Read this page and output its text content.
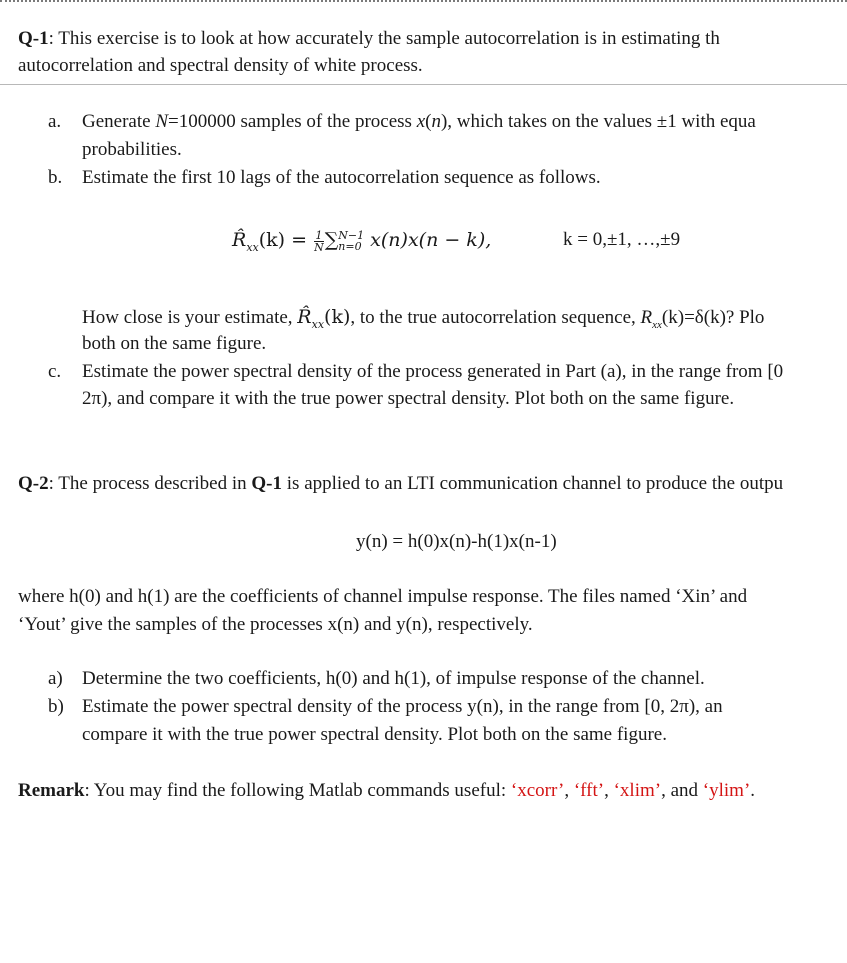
Q-1: This exercise is to look at how accurately the sample autocorrelation is in estimating th
autocorrelation and spectral density of white process.
a. Generate N=100000 samples of the process x(n), which takes on the values ±1 with equa
probabilities.
b. Estimate the first 10 lags of the autocorrelation sequence as follows.
$R̂_{xx}(k) = \frac{1}{N}$ ∑ N−1
n=0 x(n)x(n − k),	k = 0,±1, …,±9
How close is your estimate, $R̂_{xx}(k)$, to the true autocorrelation sequence, $R_{xx}(k)=\delta(k)$? Plo
both on the same figure.
c. Estimate the power spectral density of the process generated in Part (a), in the range from [0
2π), and compare it with the true power spectral density. Plot both on the same figure.
Q-2: The process described in Q-1 is applied to an LTI communication channel to produce the outpu
y(n) = h(0)x(n)-h(1)x(n-1)
where h(0) and h(1) are the coefficients of channel impulse response. The files named ‘Xin’ and
‘Yout’ give the samples of the processes x(n) and y(n), respectively.
a) Determine the two coefficients, h(0) and h(1), of impulse response of the channel.
b) Estimate the power spectral density of the process y(n), in the range from [0, 2π), an
compare it with the true power spectral density. Plot both on the same figure.
Remark: You may find the following Matlab commands useful: ‘xcorr’, ‘fft’, ‘xlim’, and ‘ylim’.
